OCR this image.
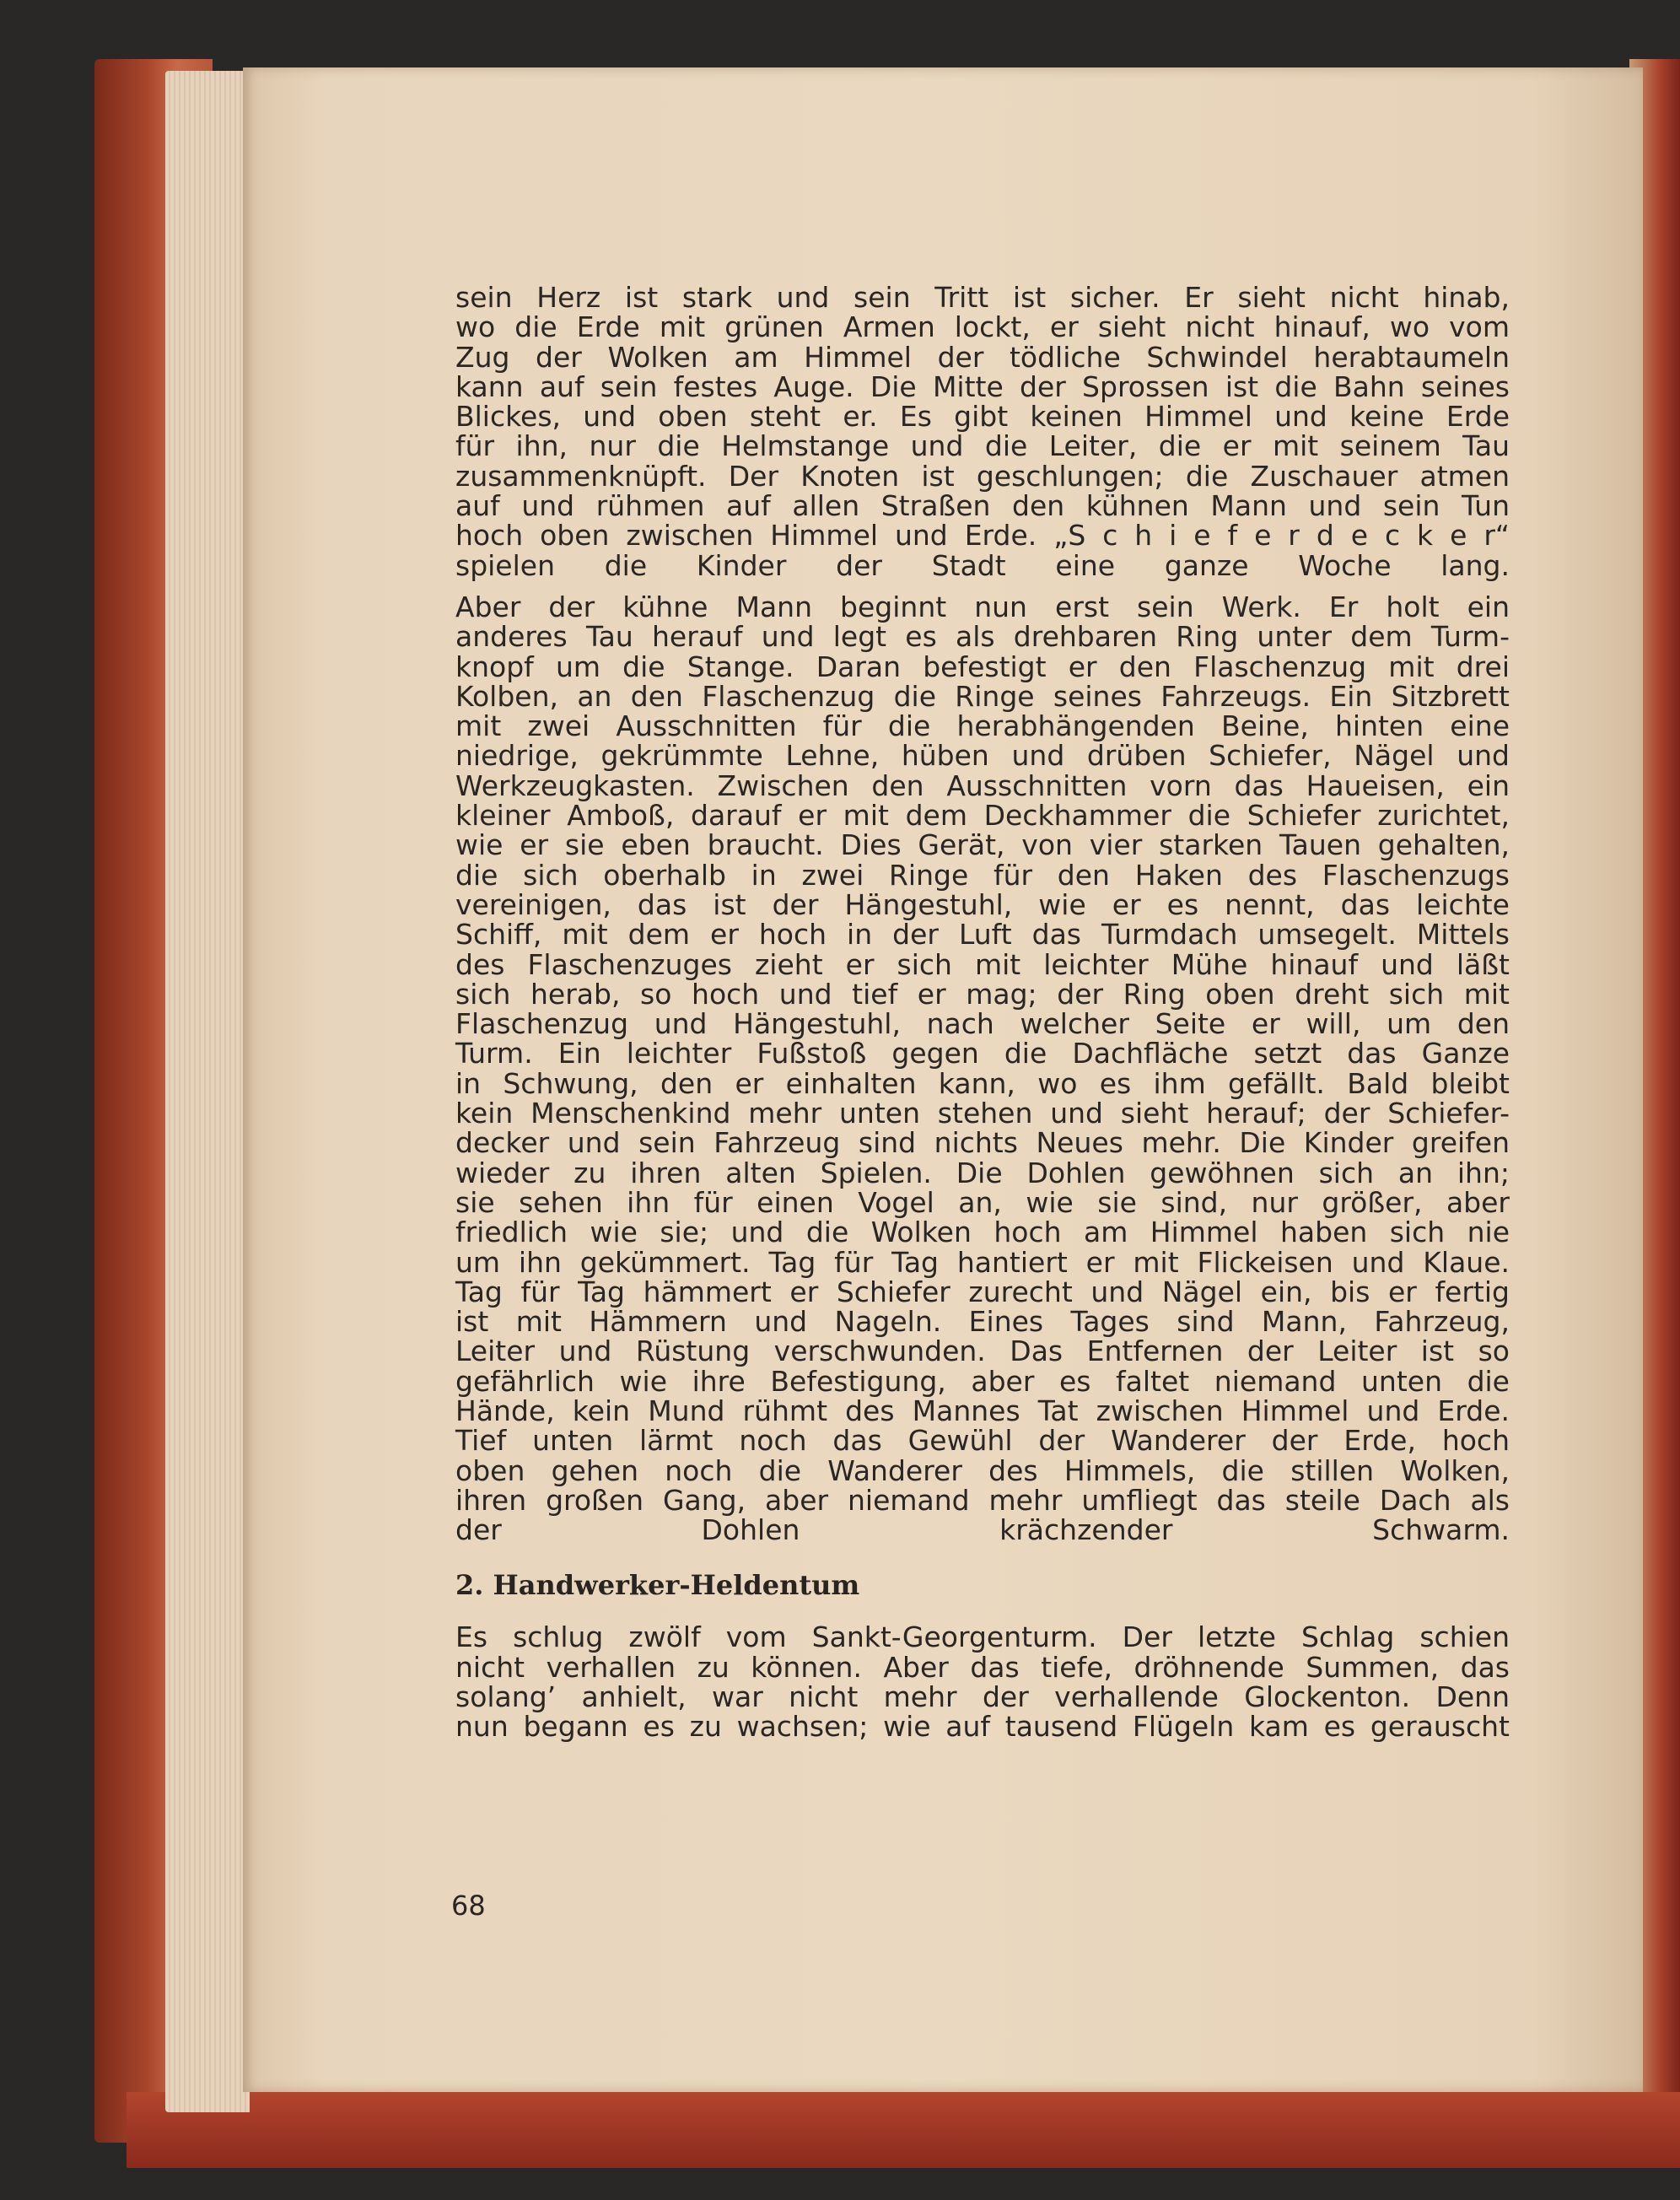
sein Herz ist stark und sein Tritt ist sicher. Er sieht nicht hinab,
wo die Erde mit grünen Armen lockt, er sieht nicht hinauf, wo vom
Zug der Wolken am Himmel der tödliche Schwindel herabtaumeln
kann auf sein festes Auge. Die Mitte der Sprossen ist die Bahn seines
Blickes, und oben steht er. Es gibt keinen Himmel und keine Erde
für ihn, nur die Helmstange und die Leiter, die er mit seinem Tau
zusammenknüpft. Der Knoten ist geschlungen; die Zuschauer atmen
auf und rühmen auf allen Straßen den kühnen Mann und sein Tun
hoch oben zwischen Himmel und Erde. „S c h i e f e r d e c k e r“
spielen die Kinder der Stadt eine ganze Woche lang.
Aber der kühne Mann beginnt nun erst sein Werk. Er holt ein
anderes Tau herauf und legt es als drehbaren Ring unter dem Turm-
knopf um die Stange. Daran befestigt er den Flaschenzug mit drei
Kolben, an den Flaschenzug die Ringe seines Fahrzeugs. Ein Sitzbrett
mit zwei Ausschnitten für die herabhängenden Beine, hinten eine
niedrige, gekrümmte Lehne, hüben und drüben Schiefer, Nägel und
Werkzeugkasten. Zwischen den Ausschnitten vorn das Haueisen, ein
kleiner Amboß, darauf er mit dem Deckhammer die Schiefer zurichtet,
wie er sie eben braucht. Dies Gerät, von vier starken Tauen gehalten,
die sich oberhalb in zwei Ringe für den Haken des Flaschenzugs
vereinigen, das ist der Hängestuhl, wie er es nennt, das leichte
Schiff, mit dem er hoch in der Luft das Turmdach umsegelt. Mittels
des Flaschenzuges zieht er sich mit leichter Mühe hinauf und läßt
sich herab, so hoch und tief er mag; der Ring oben dreht sich mit
Flaschenzug und Hängestuhl, nach welcher Seite er will, um den
Turm. Ein leichter Fußstoß gegen die Dachfläche setzt das Ganze
in Schwung, den er einhalten kann, wo es ihm gefällt. Bald bleibt
kein Menschenkind mehr unten stehen und sieht herauf; der Schiefer-
decker und sein Fahrzeug sind nichts Neues mehr. Die Kinder greifen
wieder zu ihren alten Spielen. Die Dohlen gewöhnen sich an ihn;
sie sehen ihn für einen Vogel an, wie sie sind, nur größer, aber
friedlich wie sie; und die Wolken hoch am Himmel haben sich nie
um ihn gekümmert. Tag für Tag hantiert er mit Flickeisen und Klaue.
Tag für Tag hämmert er Schiefer zurecht und Nägel ein, bis er fertig
ist mit Hämmern und Nageln. Eines Tages sind Mann, Fahrzeug,
Leiter und Rüstung verschwunden. Das Entfernen der Leiter ist so
gefährlich wie ihre Befestigung, aber es faltet niemand unten die
Hände, kein Mund rühmt des Mannes Tat zwischen Himmel und Erde.
Tief unten lärmt noch das Gewühl der Wanderer der Erde, hoch
oben gehen noch die Wanderer des Himmels, die stillen Wolken,
ihren großen Gang, aber niemand mehr umfliegt das steile Dach als
der Dohlen krächzender Schwarm.
2. Handwerker-Heldentum
Es schlug zwölf vom Sankt-Georgenturm. Der letzte Schlag schien
nicht verhallen zu können. Aber das tiefe, dröhnende Summen, das
solang’ anhielt, war nicht mehr der verhallende Glockenton. Denn
nun begann es zu wachsen; wie auf tausend Flügeln kam es gerauscht
68
